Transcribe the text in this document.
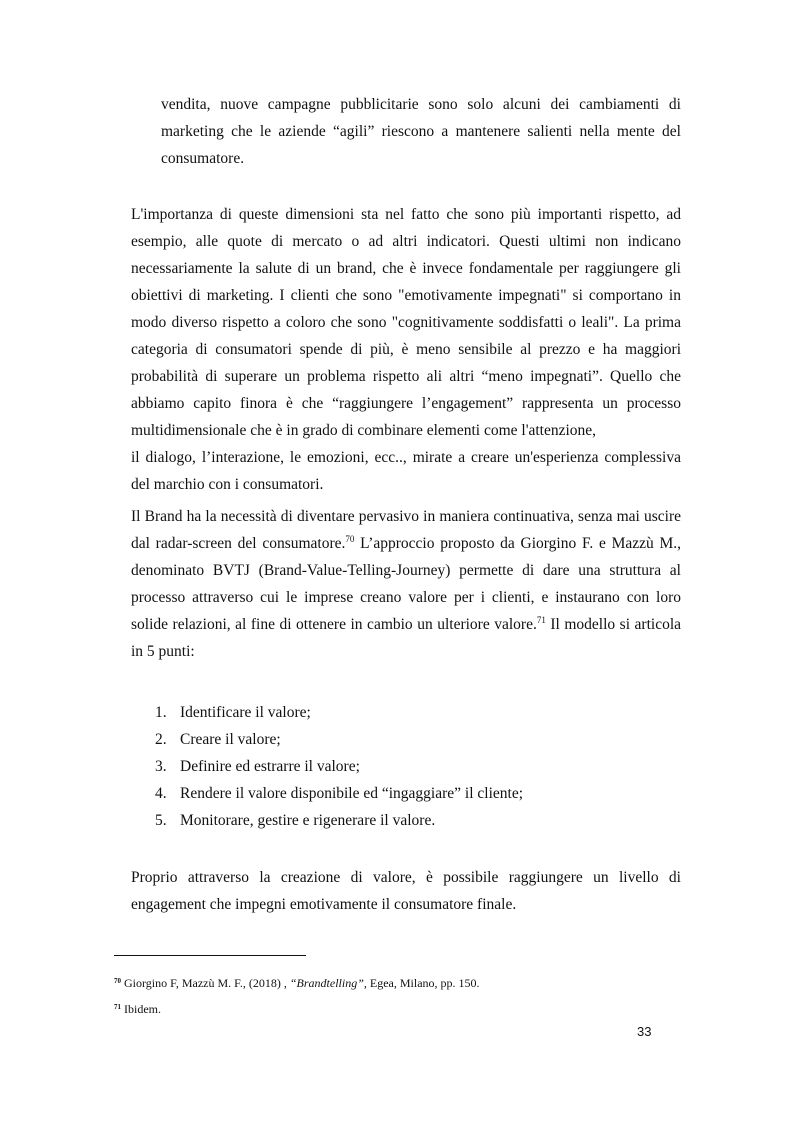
vendita, nuove campagne pubblicitarie sono solo alcuni dei cambiamenti di marketing che le aziende “agili” riescono a mantenere salienti nella mente del consumatore.
L'importanza di queste dimensioni sta nel fatto che sono più importanti rispetto, ad esempio, alle quote di mercato o ad altri indicatori. Questi ultimi non indicano necessariamente la salute di un brand, che è invece fondamentale per raggiungere gli obiettivi di marketing. I clienti che sono "emotivamente impegnati" si comportano in modo diverso rispetto a coloro che sono "cognitivamente soddisfatti o leali". La prima categoria di consumatori spende di più, è meno sensibile al prezzo e ha maggiori probabilità di superare un problema rispetto ali altri “meno impegnati”. Quello che abbiamo capito finora è che “raggiungere l’engagement” rappresenta un processo multidimensionale che è in grado di combinare elementi come l'attenzione,
il dialogo, l’interazione, le emozioni, ecc.., mirate a creare un'esperienza complessiva del marchio con i consumatori.
Il Brand ha la necessità di diventare pervasivo in maniera continuativa, senza mai uscire dal radar-screen del consumatore.$^{70}$ L’approccio proposto da Giorgino F. e Mazzù M., denominato BVTJ (Brand-Value-Telling-Journey) permette di dare una struttura al processo attraverso cui le imprese creano valore per i clienti, e instaurano con loro solide relazioni, al fine di ottenere in cambio un ulteriore valore.$^{71}$ Il modello si articola in 5 punti:
1. Identificare il valore;
2. Creare il valore;
3. Definire ed estrarre il valore;
4. Rendere il valore disponibile ed “ingaggiare” il cliente;
5. Monitorare, gestire e rigenerare il valore.
Proprio attraverso la creazione di valore, è possibile raggiungere un livello di engagement che impegni emotivamente il consumatore finale.
$^{70}$ Giorgino F, Mazzù M. F., (2018) , “Brandtelling”, Egea, Milano, pp. 150.
$^{71}$ Ibidem.
33
